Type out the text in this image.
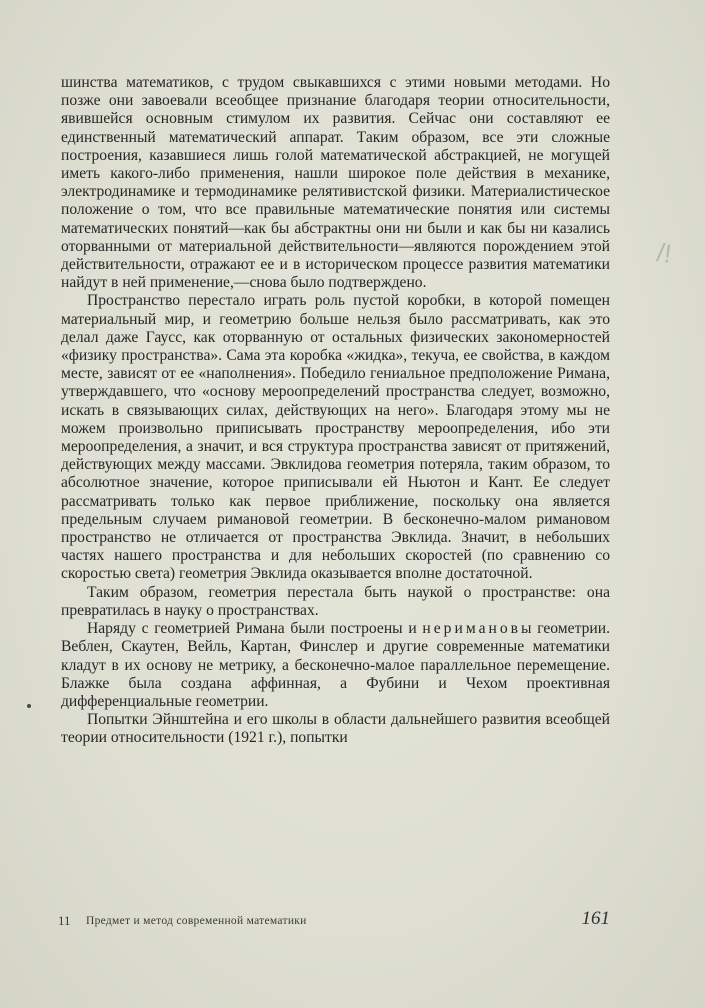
шинства математиков, с трудом свыкавшихся с этими новыми методами. Но позже они завоевали всеобщее признание благодаря теории относительности, явившейся основным стимулом их развития. Сейчас они составляют ее единственный математический аппарат. Таким образом, все эти сложные построения, казавшиеся лишь голой математической абстракцией, не могущей иметь какого-либо применения, нашли широкое поле действия в механике, электродинамике и термодинамике релятивистской физики. Материалистическое положение о том, что все правильные математические понятия или системы математических понятий—как бы абстрактны они ни были и как бы ни казались оторванными от материальной действительности—являются порождением этой действительности, отражают ее и в историческом процессе развития математики найдут в ней применение,—снова было подтверждено.

Пространство перестало играть роль пустой коробки, в которой помещен материальный мир, и геометрию больше нельзя было рассматривать, как это делал даже Гаусс, как оторванную от остальных физических закономерностей «физику пространства». Сама эта коробка «жидка», текуча, ее свойства, в каждом месте, зависят от ее «наполнения». Победило гениальное предположение Римана, утверждавшего, что «основу мероопределений пространства следует, возможно, искать в связывающих силах, действующих на него». Благодаря этому мы не можем произвольно приписывать пространству мероопределения, ибо эти мероопределения, а значит, и вся структура пространства зависят от притяжений, действующих между массами. Эвклидова геометрия потеряла, таким образом, то абсолютное значение, которое приписывали ей Ньютон и Кант. Ее следует рассматривать только как первое приближение, поскольку она является предельным случаем римановой геометрии. В бесконечно-малом римановом пространство не отличается от пространства Эвклида. Значит, в небольших частях нашего пространства и для небольших скоростей (по сравнению со скоростью света) геометрия Эвклида оказывается вполне достаточной.

Таким образом, геометрия перестала быть наукой о пространстве: она превратилась в науку о пространствах.

Наряду с геометрией Римана были построены и неримановы геометрии. Веблен, Скаутен, Вейль, Картан, Финслер и другие современные математики кладут в их основу не метрику, а бесконечно-малое параллельное перемещение. Блажке была создана аффинная, а Фубини и Чехом проективная дифференциальные геометрии.

Попытки Эйнштейна и его школы в области дальнейшего развития всеобщей теории относительности (1921 г.), попытки

/!
11 Предмет и метод современной математики	161
